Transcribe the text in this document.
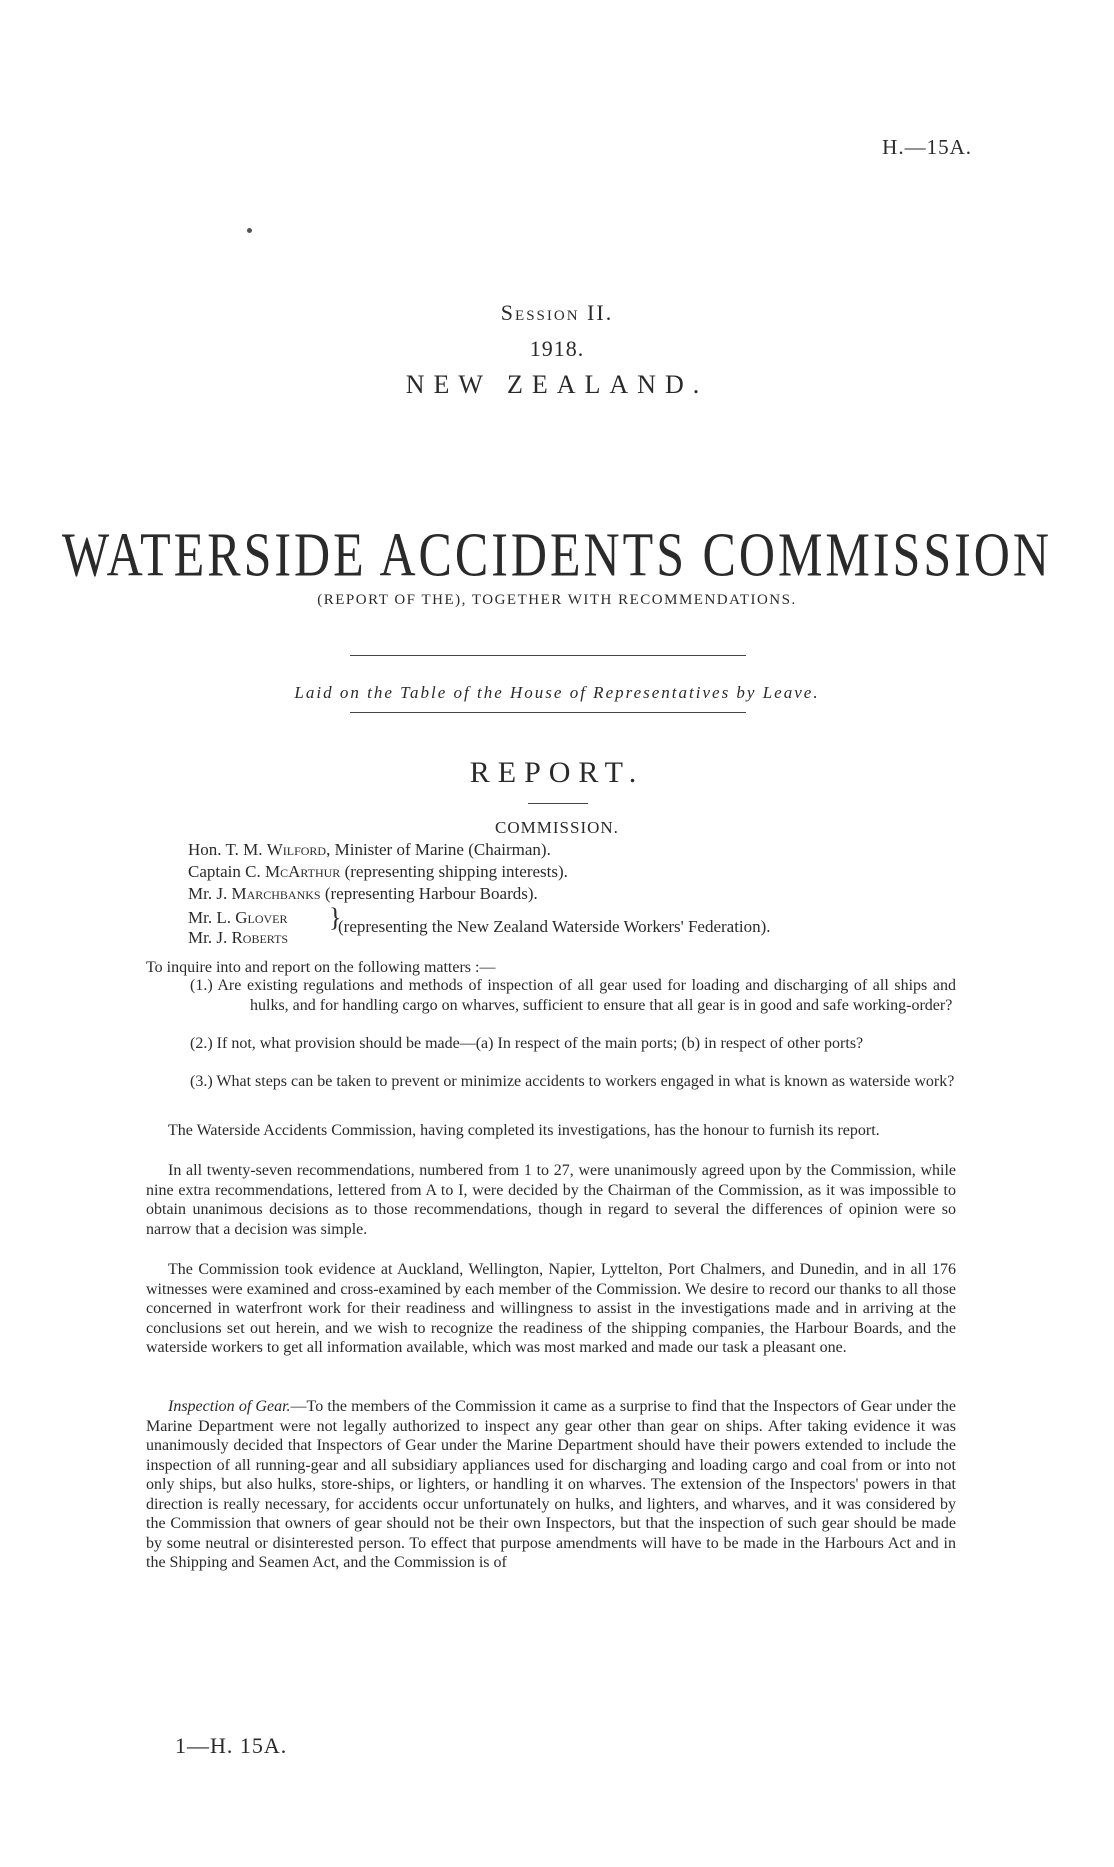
H.—15A.
Session II.
1918.
NEW ZEALAND.
WATERSIDE ACCIDENTS COMMISSION
(REPORT OF THE), TOGETHER WITH RECOMMENDATIONS.
Laid on the Table of the House of Representatives by Leave.
REPORT.
COMMISSION.
Hon. T. M. Wilford, Minister of Marine (Chairman).
Captain C. McArthur (representing shipping interests).
Mr. J. Marchbanks (representing Harbour Boards).
Mr. L. Glover
Mr. J. Roberts
}
(representing the New Zealand Waterside Workers' Federation).
To inquire into and report on the following matters :—
(1.) Are existing regulations and methods of inspection of all gear used for loading and discharging of all ships and hulks, and for handling cargo on wharves, sufficient to ensure that all gear is in good and safe working-order?
(2.) If not, what provision should be made—(a) In respect of the main ports; (b) in respect of other ports?
(3.) What steps can be taken to prevent or minimize accidents to workers engaged in what is known as waterside work?
The Waterside Accidents Commission, having completed its investigations, has the honour to furnish its report.
In all twenty-seven recommendations, numbered from 1 to 27, were unanimously agreed upon by the Commission, while nine extra recommendations, lettered from A to I, were decided by the Chairman of the Commission, as it was impossible to obtain unanimous decisions as to those recommendations, though in regard to several the differences of opinion were so narrow that a decision was simple.
The Commission took evidence at Auckland, Wellington, Napier, Lyttelton, Port Chalmers, and Dunedin, and in all 176 witnesses were examined and cross-examined by each member of the Commission. We desire to record our thanks to all those concerned in waterfront work for their readiness and willingness to assist in the investigations made and in arriving at the conclusions set out herein, and we wish to recognize the readiness of the shipping companies, the Harbour Boards, and the waterside workers to get all information available, which was most marked and made our task a pleasant one.
Inspection of Gear.—To the members of the Commission it came as a surprise to find that the Inspectors of Gear under the Marine Department were not legally authorized to inspect any gear other than gear on ships. After taking evidence it was unanimously decided that Inspectors of Gear under the Marine Department should have their powers extended to include the inspection of all running-gear and all subsidiary appliances used for discharging and loading cargo and coal from or into not only ships, but also hulks, store-ships, or lighters, or handling it on wharves. The extension of the Inspectors' powers in that direction is really necessary, for accidents occur unfortunately on hulks, and lighters, and wharves, and it was considered by the Commission that owners of gear should not be their own Inspectors, but that the inspection of such gear should be made by some neutral or disinterested person. To effect that purpose amendments will have to be made in the Harbours Act and in the Shipping and Seamen Act, and the Commission is of
1—H. 15A.
